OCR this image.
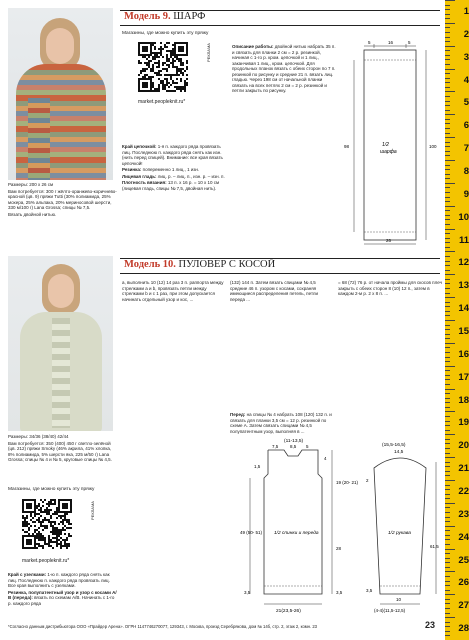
1
2
3
4
5
6
7
8
9
10
11
12
13
14
15
16
17
18
19
20
21
22
23
24
25
26
27
28
Модель 9. ШАРФ
Магазины, где можно купить эту пряжу
РЕКЛАМА
market.peopleknit.ru*

Край цепочкой: 1-я п. каждого ряда провязать лиц. Последнюю п. каждого ряда снять как изн. (нить перед спицей). Внимание: все края вязать цепочкой!

Резинка: попеременно 1 лиц., 1 изн.

Лицевая гладь: лиц. р. – лиц. п., изн. р. – изн. п.

Плотность вязания: 13 п. х 16 р. = 10 х 10 см (лицевая гладь, спицы № 7,5, двойная нить).

Описание работы: двойной нитью набрать 35 п. и связать для планки 2 см = 2 р. резинкой, начиная с 1-го р. кром. цепочкой и 1 лиц., заканчивая 1 лиц., кром. цепочкой. Для продольных планок вязать с обеих сторон по 7 п. резинкой по рисунку и средние 21 п. вязать лиц. гладью. Через 198 см от начальной планки связать на всех петлях 2 см = 2 р. резинкой и петли закрыть по рисунку.

Размеры: 200 х 26 см

Вам потребуется: 300 г жёлто-оранжево-коричнево-красной (цв. 9) пряжи Tutti (30% полиамида, 25% мохера, 25% альпака, 20% мериносовой шерсти, 330 м/100 г) Lana Grossa; спицы № 7,5.

Вязать двойной нитью.

5	16	5
1/2
шарфа
98	100
26
Модель 10. ПУЛОВЕР С КОСОЙ

Размеры: 34/36 (38/40) 42/44

Вам потребуется: 350 (400) 450 г светло-зелёной (цв. 212) пряжи Smoky (46% акрила, 41% хлопка, 8% полиамида, 5% шерсти яка, 225 м/50 г) Lana Grossa; спицы № 4 и № 5, круговые спицы № 4,5.

Магазины, где можно купить эту пряжу
РЕКЛАМА
market.peopleknit.ru*

Край с узелками: 1-ю п. каждого ряда снять как лиц. Последнюю п. каждого ряда провязать лиц. Все края выполнить с узелками.

Резинка, полупатентный узор и узор с косами А/В (переда): вязать по схемам А/В. Начинать с 1-го р. каждого ряда

а, выполнить 10 (12) 14 раз 3 п. раппорта между стрелками a и b, провязать петли между стрелками b и c 1 раз, при этом допускается начинать отдельный узор и кос, ...

(132) 144 п. Затем вязать спицами № 4,5 средние 46 п. узором с косами, сохраняя имеющиеся распределения петель, петли переда ...

= 68 (72) 76 р. от начала проймы для скосов плеч закрыть с обеих сторон 8 (10) 12 п., затем в каждом 2-м р. 2 х 8 п. ...

Перед: на спицы № 4 набрать 108 (120) 132 п. и связать для планки 3,5 см = 12 р. резинкой по схеме А. Затем связать спицами № 4,5 полупатентным узор, выполняя в ...

(11-13,5)
7,5	8,5 5
1,5
4
19 (20- 21)
49 (50- 51)
28
1/2 спинки и переда
3,5
21(23,5-26)
3,5
(15,5-16,5)
14,5
2
1/2 рукава
61,5
3,5
10
(4-4)(11,5-12,5)
*Согласно данным дистрибьютора ООО «Прайдер Арена». ОГРН 1147746270077, 129343, г. Москва, проезд Серебрякова, дом № 14б, стр. 2, этаж 2, комн. 23	23
